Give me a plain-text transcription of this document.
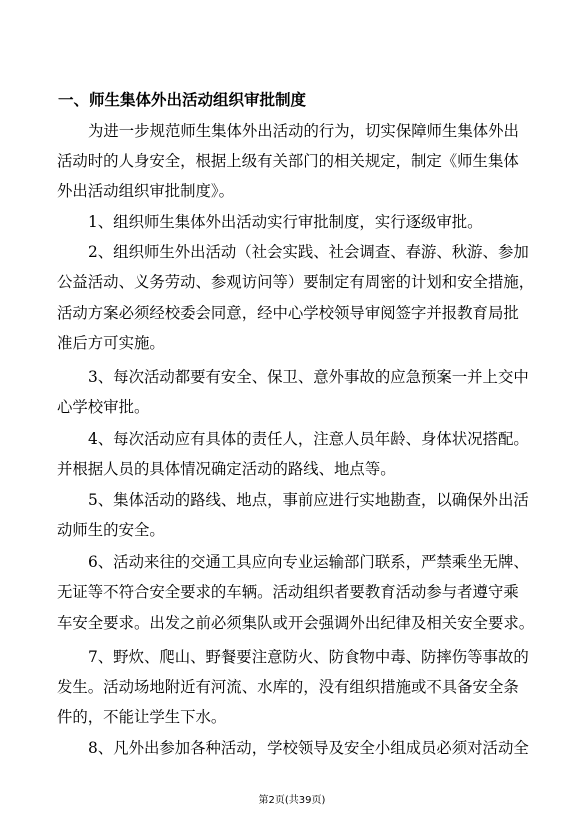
一、师生集体外出活动组织审批制度
为进一步规范师生集体外出活动的行为，切实保障师生集体外出
活动时的人身安全，根据上级有关部门的相关规定，制定《师生集体
外出活动组织审批制度》。
1、组织师生集体外出活动实行审批制度，实行逐级审批。
2、组织师生外出活动（社会实践、社会调查、春游、秋游、参加
公益活动、义务劳动、参观访问等）要制定有周密的计划和安全措施，
活动方案必须经校委会同意，经中心学校领导审阅签字并报教育局批
准后方可实施。
3、每次活动都要有安全、保卫、意外事故的应急预案一并上交中
心学校审批。
4、每次活动应有具体的责任人，注意人员年龄、身体状况搭配。
并根据人员的具体情况确定活动的路线、地点等。
5、集体活动的路线、地点，事前应进行实地勘查，以确保外出活
动师生的安全。
6、活动来往的交通工具应向专业运输部门联系，严禁乘坐无牌、
无证等不符合安全要求的车辆。活动组织者要教育活动参与者遵守乘
车安全要求。出发之前必须集队或开会强调外出纪律及相关安全要求。
7、野炊、爬山、野餐要注意防火、防食物中毒、防摔伤等事故的
发生。活动场地附近有河流、水库的，没有组织措施或不具备安全条
件的，不能让学生下水。
8、凡外出参加各种活动，学校领导及安全小组成员必须对活动全
第2页(共39页)
